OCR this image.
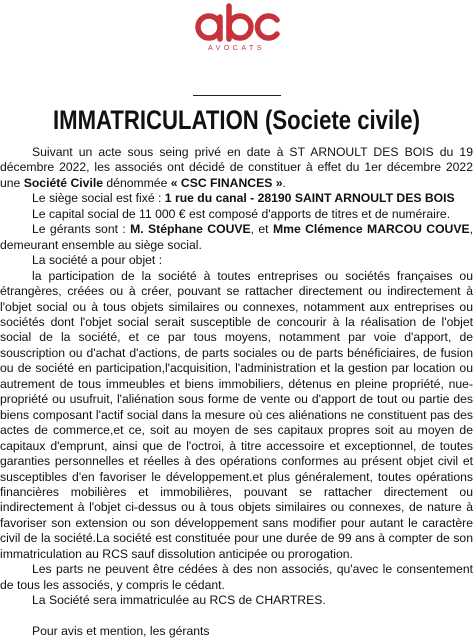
AVOCATS
IMMATRICULATION (Societe civile)

Suivant un acte sous seing privé en date à ST ARNOULT DES BOIS du 19 décembre 2022, les associés ont décidé de constituer à effet du 1er décembre 2022 une Société Civile dénommée « CSC FINANCES ».

Le siège social est fixé : 1 rue du canal - 28190 SAINT ARNOULT DES BOIS

Le capital social de 11 000 € est composé d'apports de titres et de numéraire.

Le gérants sont : M. Stéphane COUVE, et Mme Clémence MARCOU COUVE, demeurant ensemble au siège social.

La société a pour objet :

la participation de la société à toutes entreprises ou sociétés françaises ou étrangères, créées ou à créer, pouvant se rattacher directement ou indirectement à l'objet social ou à tous objets similaires ou connexes, notamment aux entreprises ou sociétés dont l'objet social serait susceptible de concourir à la réalisation de l'objet social de la société, et ce par tous moyens, notamment par voie d'apport, de souscription ou d'achat d'actions, de parts sociales ou de parts bénéficiaires, de fusion ou de société en participation,l'acquisition, l'administration et la gestion par location ou autrement de tous immeubles et biens immobiliers, détenus en pleine propriété, nue-propriété ou usufruit, l'aliénation sous forme de vente ou d'apport de tout ou partie des biens composant l'actif social dans la mesure où ces aliénations ne constituent pas des actes de commerce,et ce, soit au moyen de ses capitaux propres soit au moyen de capitaux d'emprunt, ainsi que de l'octroi, à titre accessoire et exceptionnel, de toutes garanties personnelles et réelles à des opérations conformes au présent objet civil et susceptibles d'en favoriser le développement.et plus généralement, toutes opérations financières mobilières et immobilières, pouvant se rattacher directement ou indirectement à l'objet ci-dessus ou à tous objets similaires ou connexes, de nature à favoriser son extension ou son développement sans modifier pour autant le caractère civil de la société.La société est constituée pour une durée de 99 ans à compter de son immatriculation au RCS sauf dissolution anticipée ou prorogation.

Les parts ne peuvent être cédées à des non associés, qu'avec le consentement de tous les associés, y compris le cédant.

La Société sera immatriculée au RCS de CHARTRES.

Pour avis et mention, les gérants
